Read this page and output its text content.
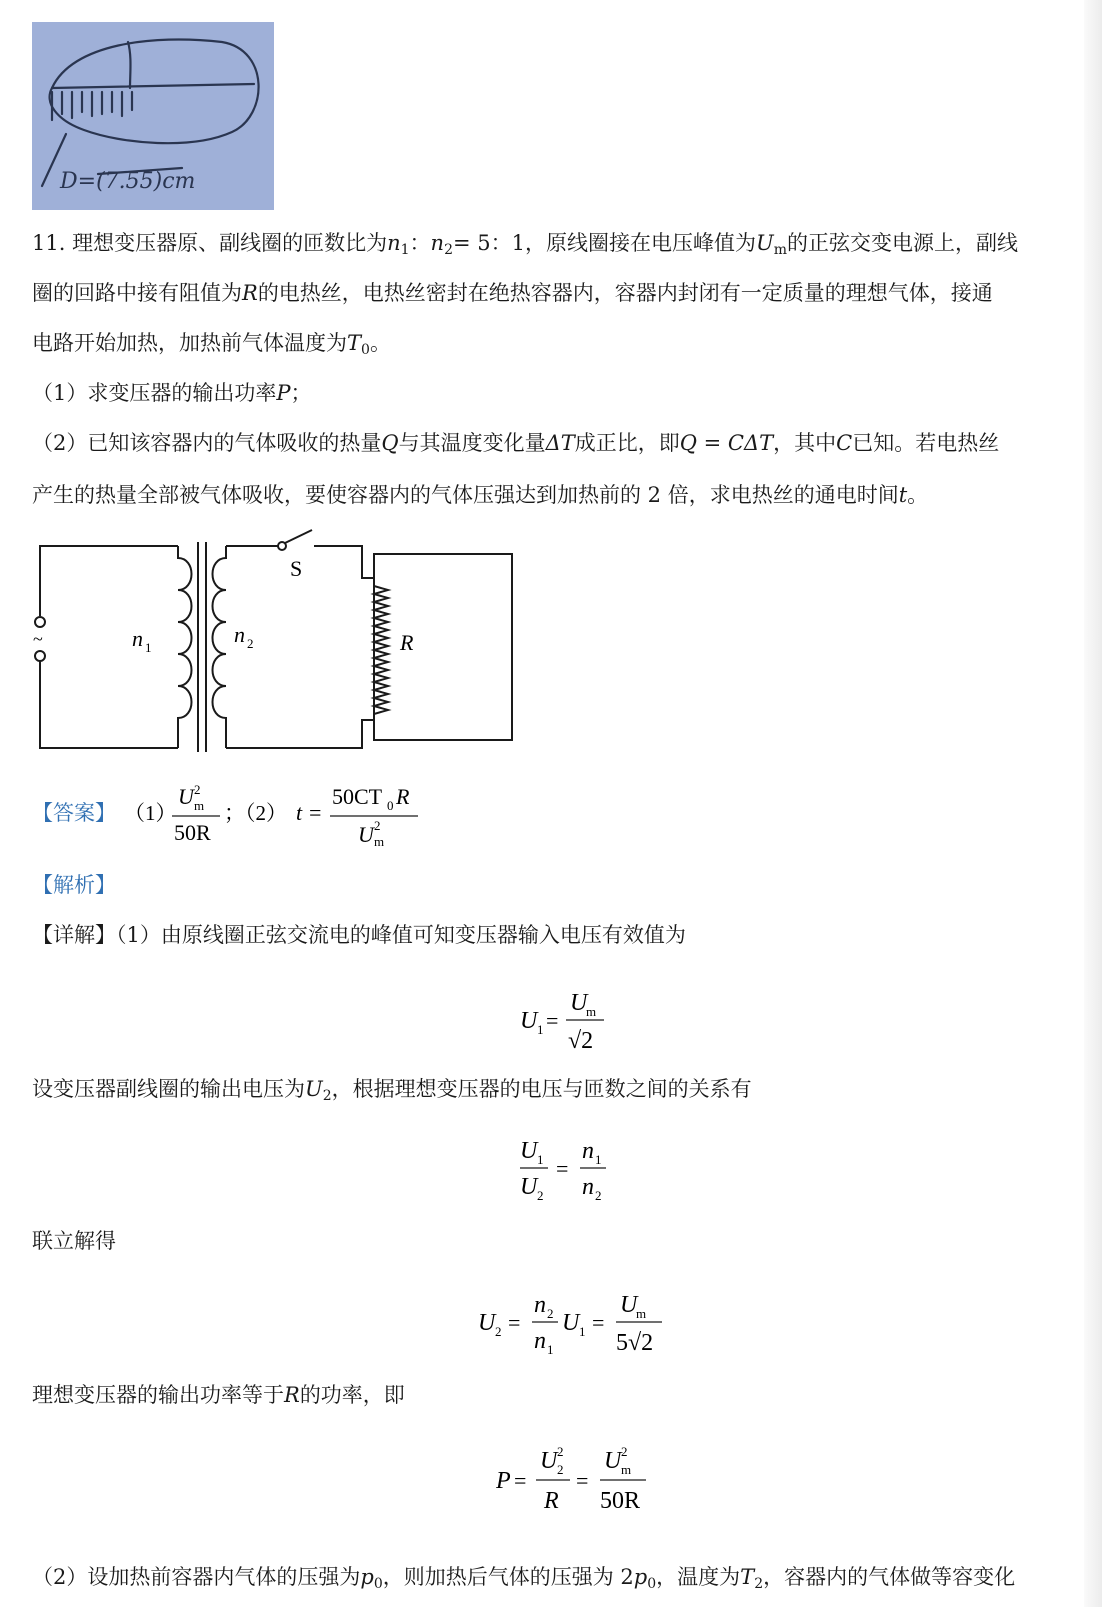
D=(7.55)cm
11. 理想变压器原、副线圈的匝数比为$n_1$：$n_2= 5$：1，原线圈接在电压峰值为$U_m$的正弦交变电源上，副线
圈的回路中接有阻值为R的电热丝，电热丝密封在绝热容器内，容器内封闭有一定质量的理想气体，接通
电路开始加热，加热前气体温度为$T_0$。
（1）求变压器的输出功率P；
（2）已知该容器内的气体吸收的热量Q与其温度变化量ΔT成正比，即Q = CΔT，其中C已知。若电热丝
产生的热量全部被气体吸收，要使容器内的气体压强达到加热前的 2 倍，求电热丝的通电时间t。
S
~	n 1
n 2	R
【答案】 （1）
U 2
m
50R
；（2） t =
50CT 0 R
U 2
m
【解析】
【详解】（1）由原线圈正弦交流电的峰值可知变压器输入电压有效值为
U 1 =
U
m
√2
设变压器副线圈的输出电压为$U_2$，根据理想变压器的电压与匝数之间的关系有
U 1
U 2
=
n 1
n 2
联立解得
U 2 =
n 2
n 1
U 1 =
U
m
5√2
理想变压器的输出功率等于R的功率，即
P =
U 2
2
R
=
U 2
m
50R
（2）设加热前容器内气体的压强为$p_0$，则加热后气体的压强为 $2p_0$，温度为$T_2$，容器内的气体做等容变化
